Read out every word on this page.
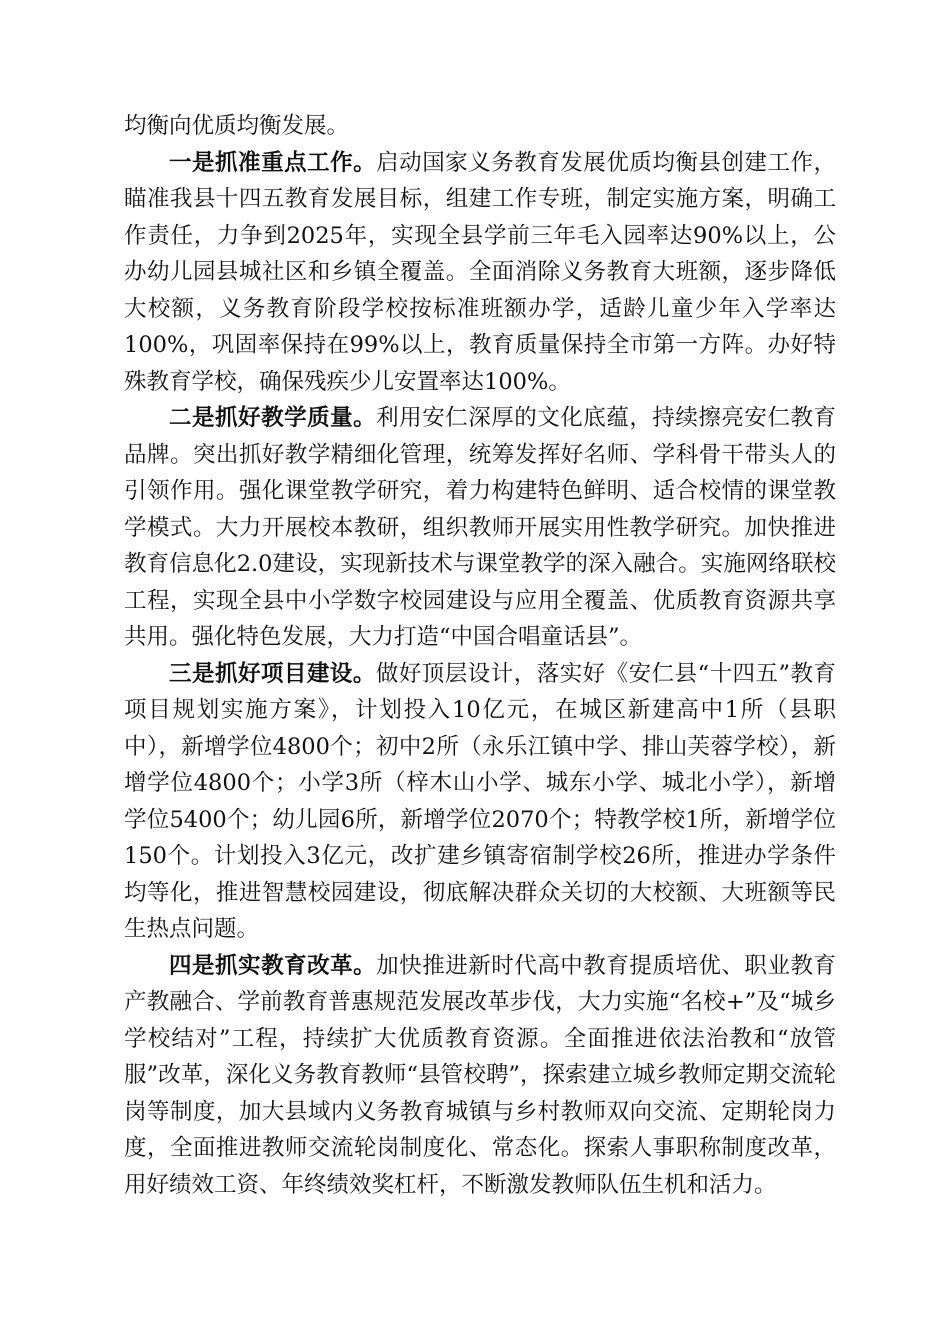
均衡向优质均衡发展。

一是抓准重点工作。启动国家义务教育发展优质均衡县创建工作，瞄准我县十四五教育发展目标，组建工作专班，制定实施方案，明确工作责任，力争到2025年，实现全县学前三年毛入园率达90%以上，公办幼儿园县城社区和乡镇全覆盖。全面消除义务教育大班额，逐步降低大校额，义务教育阶段学校按标准班额办学，适龄儿童少年入学率达100%，巩固率保持在99%以上，教育质量保持全市第一方阵。办好特殊教育学校，确保残疾少儿安置率达100%。

二是抓好教学质量。利用安仁深厚的文化底蕴，持续擦亮安仁教育品牌。突出抓好教学精细化管理，统筹发挥好名师、学科骨干带头人的引领作用。强化课堂教学研究，着力构建特色鲜明、适合校情的课堂教学模式。大力开展校本教研，组织教师开展实用性教学研究。加快推进教育信息化2.0建设，实现新技术与课堂教学的深入融合。实施网络联校工程，实现全县中小学数字校园建设与应用全覆盖、优质教育资源共享共用。强化特色发展，大力打造“中国合唱童话县”。

三是抓好项目建设。做好顶层设计，落实好《安仁县“十四五”教育项目规划实施方案》，计划投入10亿元，在城区新建高中1所（县职中），新增学位4800个；初中2所（永乐江镇中学、排山芙蓉学校），新增学位4800个；小学3所（梓木山小学、城东小学、城北小学），新增学位5400个；幼儿园6所，新增学位2070个；特教学校1所，新增学位150个。计划投入3亿元，改扩建乡镇寄宿制学校26所，推进办学条件均等化，推进智慧校园建设，彻底解决群众关切的大校额、大班额等民生热点问题。

四是抓实教育改革。加快推进新时代高中教育提质培优、职业教育产教融合、学前教育普惠规范发展改革步伐，大力实施“名校+”及“城乡学校结对”工程，持续扩大优质教育资源。全面推进依法治教和“放管服”改革，深化义务教育教师“县管校聘”，探索建立城乡教师定期交流轮岗等制度，加大县域内义务教育城镇与乡村教师双向交流、定期轮岗力度，全面推进教师交流轮岗制度化、常态化。探索人事职称制度改革，用好绩效工资、年终绩效奖杠杆，不断激发教师队伍生机和活力。
